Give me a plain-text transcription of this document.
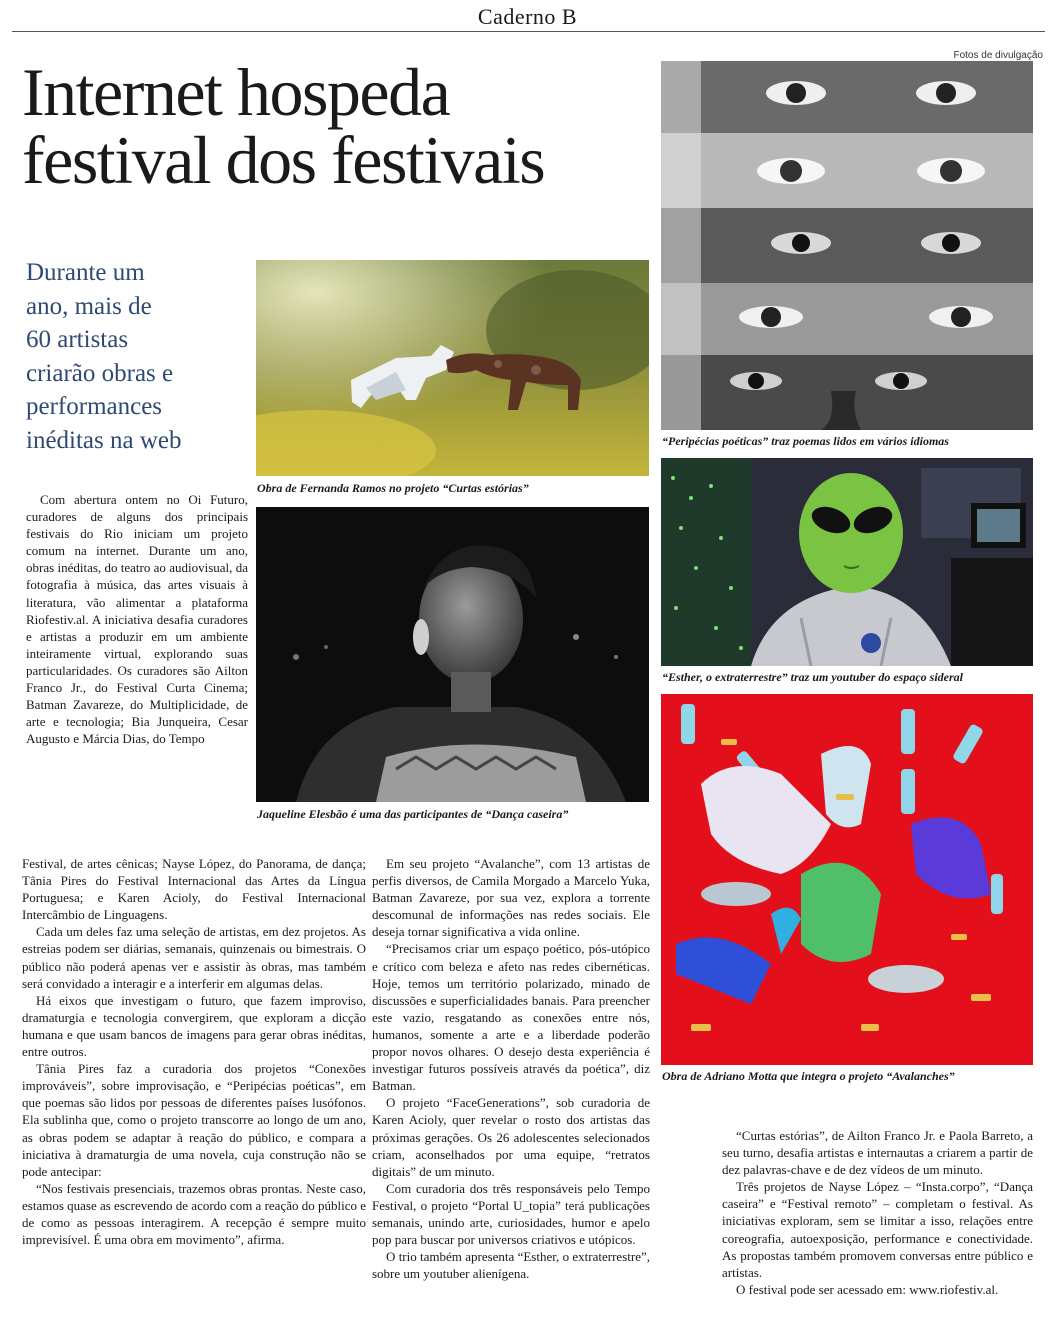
Caderno B
Fotos de divulgação
Internet hospeda
festival dos festivais
Durante um
ano, mais de
60 artistas
criarão obras e
performances
inéditas na web
Obra de Fernanda Ramos no projeto “Curtas estórias”
Jaqueline Elesbão é uma das participantes de “Dança caseira”
“Peripécias poéticas” traz poemas lidos em vários idiomas
“Esther, o extraterrestre” traz um youtuber do espaço sideral
Obra de Adriano Motta que integra o projeto “Avalanches”

Com abertura ontem no Oi Futuro, curadores de alguns dos principais festivais do Rio iniciam um projeto comum na internet. Durante um ano, obras inéditas, do teatro ao audiovisual, da fotografia à música, das artes visuais à literatura, vão alimentar a plataforma Riofestiv.al. A iniciativa desafia curadores e artistas a produzir em um ambiente inteiramente virtual, explorando suas particularidades. Os curadores são Ailton Franco Jr., do Festival Curta Cinema; Batman Zavareze, do Multiplicidade, de arte e tecnologia; Bia Junqueira, Cesar Augusto e Márcia Dias, do Tempo

Festival, de artes cênicas; Nayse López, do Panorama, de dança; Tânia Pires do Festival Internacional das Artes da Língua Portuguesa; e Karen Acioly, do Festival Internacional Intercâmbio de Linguagens.

Cada um deles faz uma seleção de artistas, em dez projetos. As estreias podem ser diárias, semanais, quinzenais ou bimestrais. O público não poderá apenas ver e assistir às obras, mas também será convidado a interagir e a interferir em algumas delas.

Há eixos que investigam o futuro, que fazem improviso, dramaturgia e tecnologia convergirem, que exploram a dicção humana e que usam bancos de imagens para gerar obras inéditas, entre outros.

Tânia Pires faz a curadoria dos projetos “Conexões improváveis”, sobre improvisação, e “Peripécias poéticas”, em que poemas são lidos por pessoas de diferentes países lusófonos. Ela sublinha que, como o projeto transcorre ao longo de um ano, as obras podem se adaptar à reação do público, e compara a iniciativa à dramaturgia de uma novela, cuja construção não se pode antecipar:

“Nos festivais presenciais, trazemos obras prontas. Neste caso, estamos quase as escrevendo de acordo com a reação do público e de como as pessoas interagirem. A recepção é sempre muito imprevisível. É uma obra em movimento”, afirma.

Em seu projeto “Avalanche”, com 13 artistas de perfis diversos, de Camila Morgado a Marcelo Yuka, Batman Zavareze, por sua vez, explora a torrente descomunal de informações nas redes sociais. Ele deseja tornar significativa a vida online.

“Precisamos criar um espaço poético, pós-utópico e crítico com beleza e afeto nas redes cibernéticas. Hoje, temos um território polarizado, minado de discussões e superficialidades banais. Para preencher este vazio, resgatando as conexões entre nós, humanos, somente a arte e a liberdade poderão propor novos olhares. O desejo desta experiência é investigar futuros possíveis através da poética”, diz Batman.

O projeto “FaceGenerations”, sob curadoria de Karen Acioly, quer revelar o rosto dos artistas das próximas gerações. Os 26 adolescentes selecionados criam, aconselhados por uma equipe, “retratos digitais” de um minuto.

Com curadoria dos três responsáveis pelo Tempo Festival, o projeto “Portal U_topia” terá publicações semanais, unindo arte, curiosidades, humor e apelo pop para buscar por universos criativos e utópicos.

O trio também apresenta “Esther, o extraterrestre”, sobre um youtuber alienígena.

“Curtas estórias”, de Ailton Franco Jr. e Paola Barreto, a seu turno, desafia artistas e internautas a criarem a partir de dez palavras-chave e de dez vídeos de um minuto.

Três projetos de Nayse López – “Insta.corpo”, “Dança caseira” e “Festival remoto” – completam o festival. As iniciativas exploram, sem se limitar a isso, relações entre coreografia, autoexposição, performance e conectividade. As propostas também promovem conversas entre público e artistas.

O festival pode ser acessado em: www.riofestiv.al.
